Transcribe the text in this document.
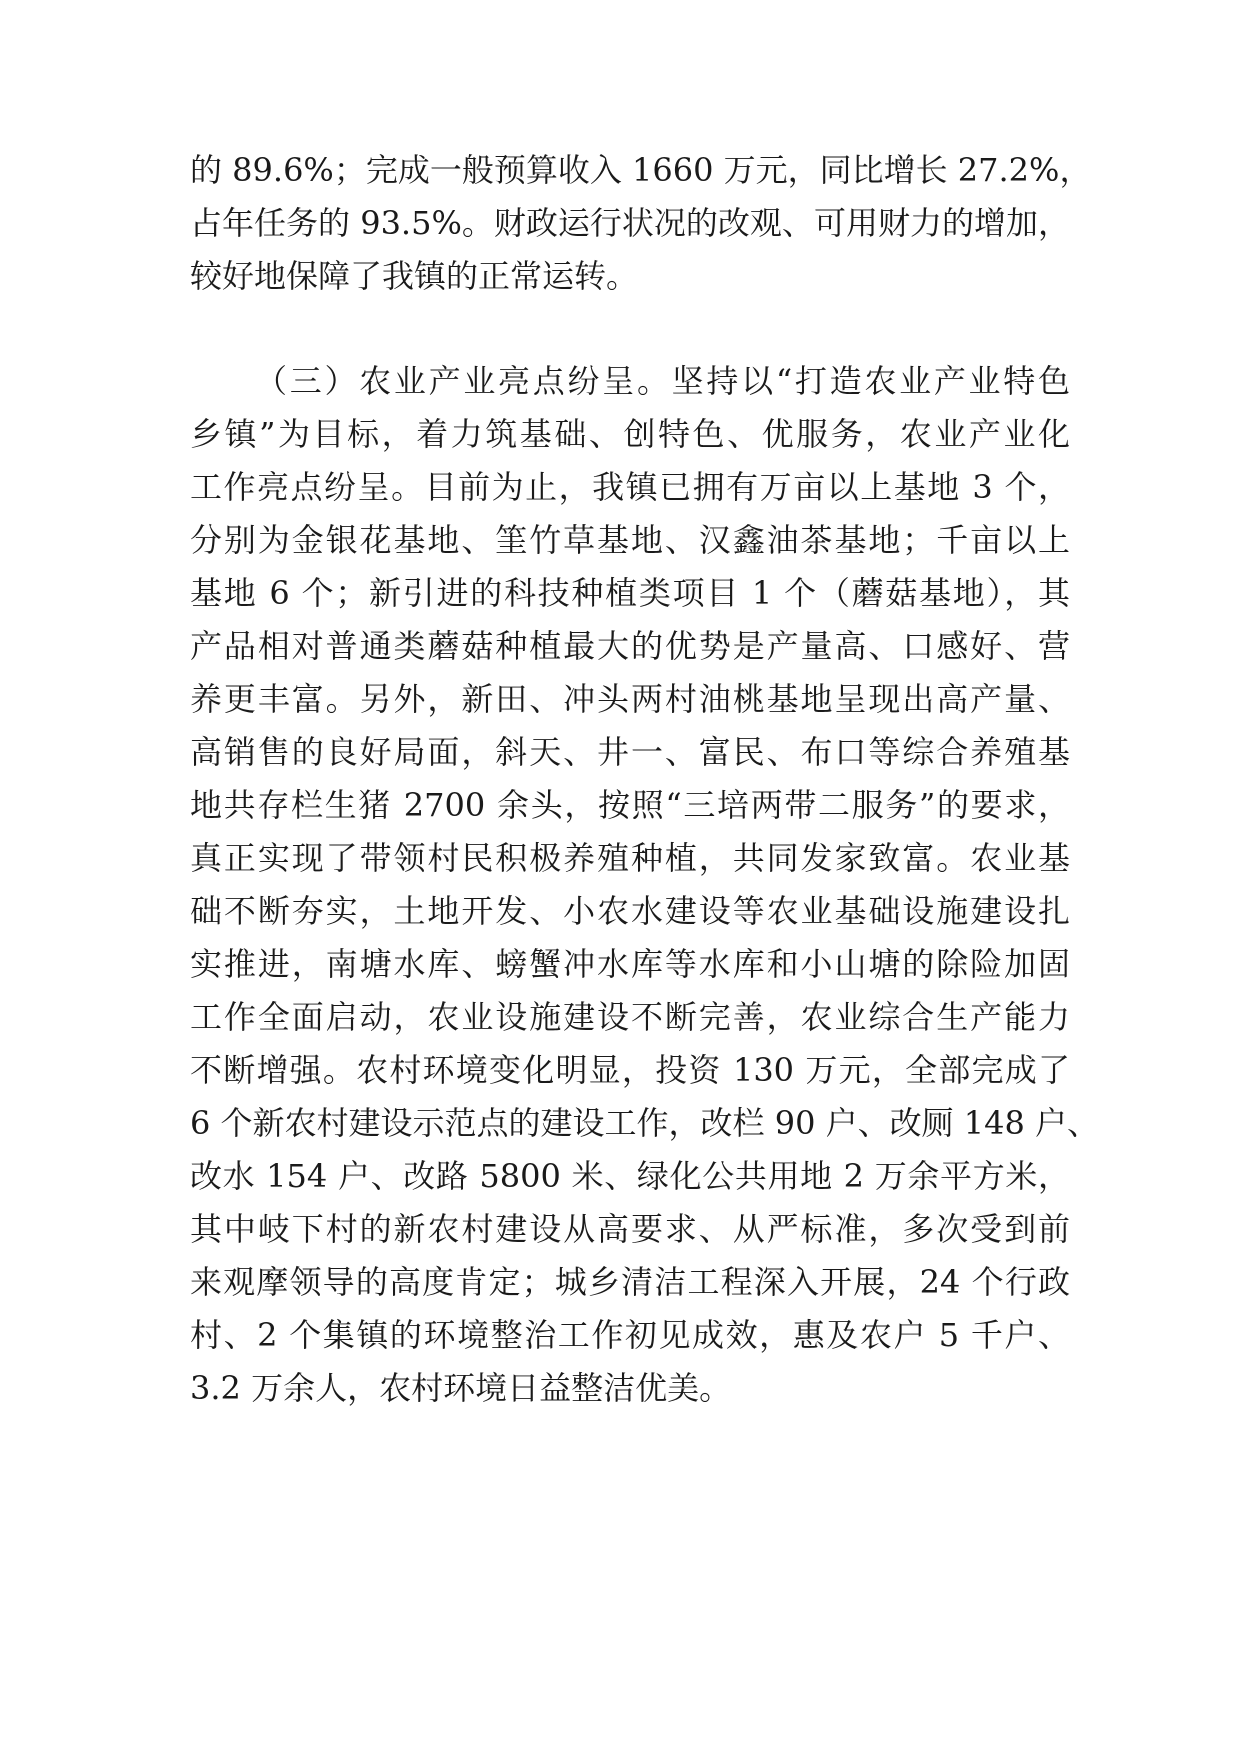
的 89.6%；完成一般预算收入 1660 万元，同比增长 27.2%，
占年任务的 93.5%。财政运行状况的改观、可用财力的增加，
较好地保障了我镇的正常运转。
（三）农业产业亮点纷呈。坚持以“打造农业产业特色
乡镇”为目标，着力筑基础、创特色、优服务，农业产业化
工作亮点纷呈。目前为止，我镇已拥有万亩以上基地 3 个，
分别为金银花基地、筀竹草基地、汉鑫油茶基地；千亩以上
基地 6 个；新引进的科技种植类项目 1 个（蘑菇基地），其
产品相对普通类蘑菇种植最大的优势是产量高、口感好、营
养更丰富。另外，新田、冲头两村油桃基地呈现出高产量、
高销售的良好局面，斜天、井一、富民、布口等综合养殖基
地共存栏生猪 2700 余头，按照“三培两带二服务”的要求，
真正实现了带领村民积极养殖种植，共同发家致富。农业基
础不断夯实，土地开发、小农水建设等农业基础设施建设扎
实推进，南塘水库、螃蟹冲水库等水库和小山塘的除险加固
工作全面启动，农业设施建设不断完善，农业综合生产能力
不断增强。农村环境变化明显，投资 130 万元，全部完成了
6 个新农村建设示范点的建设工作，改栏 90 户、改厕 148 户、
改水 154 户、改路 5800 米、绿化公共用地 2 万余平方米，
其中岐下村的新农村建设从高要求、从严标准，多次受到前
来观摩领导的高度肯定；城乡清洁工程深入开展，24 个行政
村、2 个集镇的环境整治工作初见成效，惠及农户 5 千户、
3.2 万余人，农村环境日益整洁优美。
